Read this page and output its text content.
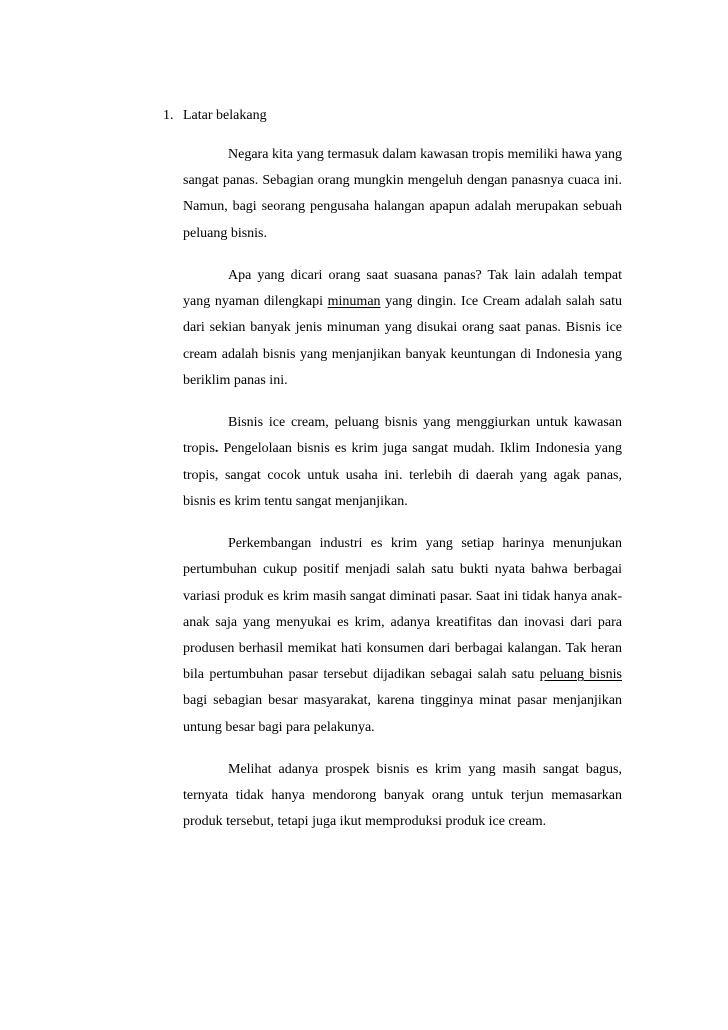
1. Latar belakang

Negara kita yang termasuk dalam kawasan tropis memiliki hawa yang sangat panas. Sebagian orang mungkin mengeluh dengan panasnya cuaca ini. Namun, bagi seorang pengusaha halangan apapun adalah merupakan sebuah peluang bisnis.

Apa yang dicari orang saat suasana panas? Tak lain adalah tempat yang nyaman dilengkapi minuman yang dingin. Ice Cream adalah salah satu dari sekian banyak jenis minuman yang disukai orang saat panas. Bisnis ice cream adalah bisnis yang menjanjikan banyak keuntungan di Indonesia yang beriklim panas ini.

Bisnis ice cream, peluang bisnis yang menggiurkan untuk kawasan tropis. Pengelolaan bisnis es krim juga sangat mudah. Iklim Indonesia yang tropis, sangat cocok untuk usaha ini. terlebih di daerah yang agak panas, bisnis es krim tentu sangat menjanjikan.

Perkembangan industri es krim yang setiap harinya menunjukan pertumbuhan cukup positif menjadi salah satu bukti nyata bahwa berbagai variasi produk es krim masih sangat diminati pasar. Saat ini tidak hanya anak-anak saja yang menyukai es krim, adanya kreatifitas dan inovasi dari para produsen berhasil memikat hati konsumen dari berbagai kalangan. Tak heran bila pertumbuhan pasar tersebut dijadikan sebagai salah satu peluang bisnis bagi sebagian besar masyarakat, karena tingginya minat pasar menjanjikan untung besar bagi para pelakunya.

Melihat adanya prospek bisnis es krim yang masih sangat bagus, ternyata tidak hanya mendorong banyak orang untuk terjun memasarkan produk tersebut, tetapi juga ikut memproduksi produk ice cream.
